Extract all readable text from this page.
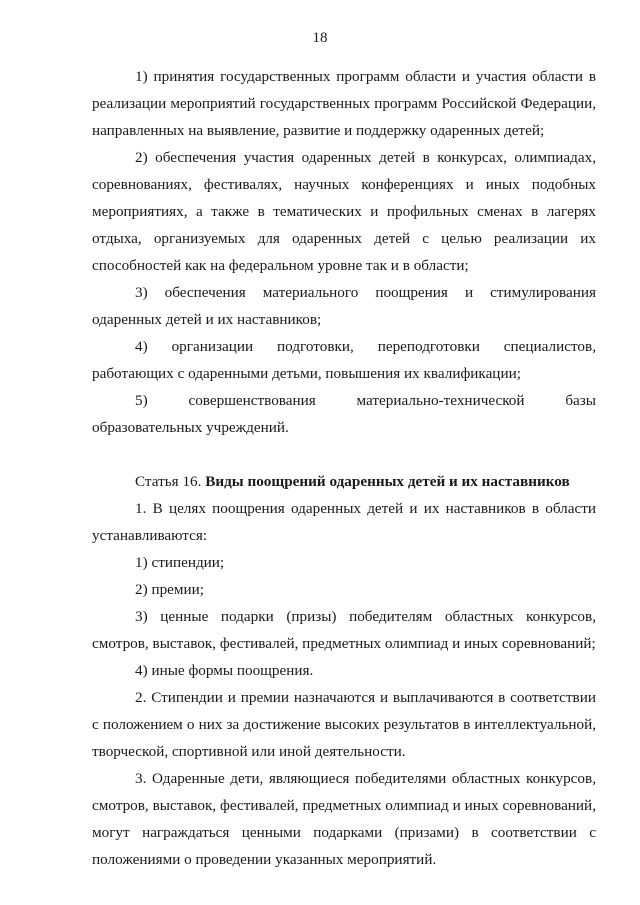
18

1) принятия государственных программ области и участия области в реализации мероприятий государственных программ Российской Федерации, направленных на выявление, развитие и поддержку одаренных детей;

2) обеспечения участия одаренных детей в конкурсах, олимпиадах, соревнованиях, фестивалях, научных конференциях и иных подобных мероприятиях, а также в тематических и профильных сменах в лагерях отдыха, организуемых для одаренных детей с целью реализации их способностей как на федеральном уровне так и в области;

3) обеспечения материального поощрения и стимулирования одаренных детей и их наставников;

4) организации подготовки, переподготовки специалистов, работающих с одаренными детьми, повышения их квалификации;

5) совершенствования материально-технической базы образовательных учреждений.

Статья 16. Виды поощрений одаренных детей и их наставников

1. В целях поощрения одаренных детей и их наставников в области устанавливаются:

1) стипендии;

2) премии;

3) ценные подарки (призы) победителям областных конкурсов, смотров, выставок, фестивалей, предметных олимпиад и иных соревнований;

4) иные формы поощрения.

2. Стипендии и премии назначаются и выплачиваются в соответствии с положением о них за достижение высоких результатов в интеллектуальной, творческой, спортивной или иной деятельности.

3. Одаренные дети, являющиеся победителями областных конкурсов, смотров, выставок, фестивалей, предметных олимпиад и иных соревнований, могут награждаться ценными подарками (призами) в соответствии с положениями о проведении указанных мероприятий.
